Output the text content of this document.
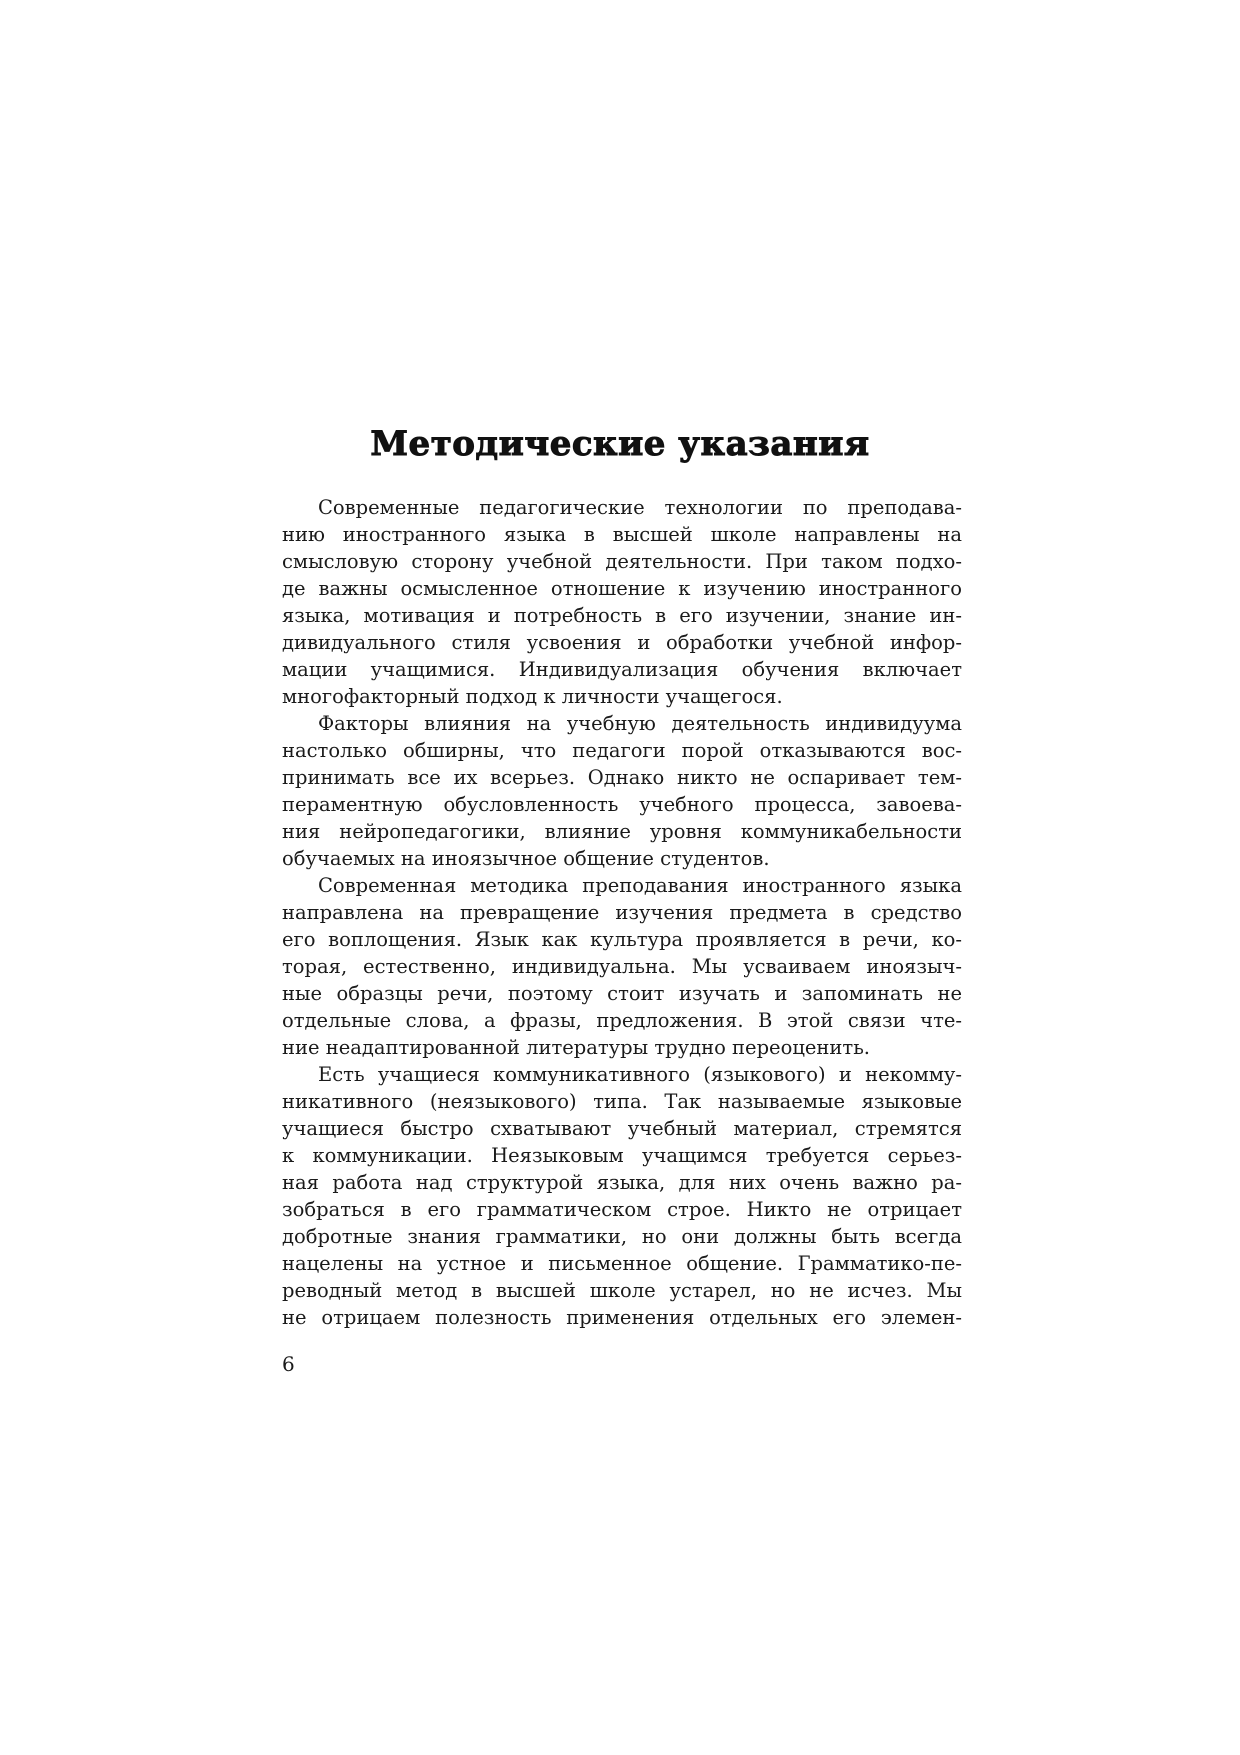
Методические указания
Современные педагогические технологии по преподава-
нию иностранного языка в высшей школе направлены на
смысловую сторону учебной деятельности. При таком подхо-
де важны осмысленное отношение к изучению иностранного
языка, мотивация и потребность в его изучении, знание ин-
дивидуального стиля усвоения и обработки учебной инфор-
мации учащимися. Индивидуализация обучения включает
многофакторный подход к личности учащегося.
Факторы влияния на учебную деятельность индивидуума
настолько обширны, что педагоги порой отказываются вос-
принимать все их всерьез. Однако никто не оспаривает тем-
пераментную обусловленность учебного процесса, завоева-
ния нейропедагогики, влияние уровня коммуникабельности
обучаемых на иноязычное общение студентов.
Современная методика преподавания иностранного языка
направлена на превращение изучения предмета в средство
его воплощения. Язык как культура проявляется в речи, ко-
торая, естественно, индивидуальна. Мы усваиваем иноязыч-
ные образцы речи, поэтому стоит изучать и запоминать не
отдельные слова, а фразы, предложения. В этой связи чте-
ние неадаптированной литературы трудно переоценить.
Есть учащиеся коммуникативного (языкового) и некомму-
никативного (неязыкового) типа. Так называемые языковые
учащиеся быстро схватывают учебный материал, стремятся
к коммуникации. Неязыковым учащимся требуется серьез-
ная работа над структурой языка, для них очень важно ра-
зобраться в его грамматическом строе. Никто не отрицает
добротные знания грамматики, но они должны быть всегда
нацелены на устное и письменное общение. Грамматико-пе-
реводный метод в высшей школе устарел, но не исчез. Мы
не отрицаем полезность применения отдельных его элемен-
6
